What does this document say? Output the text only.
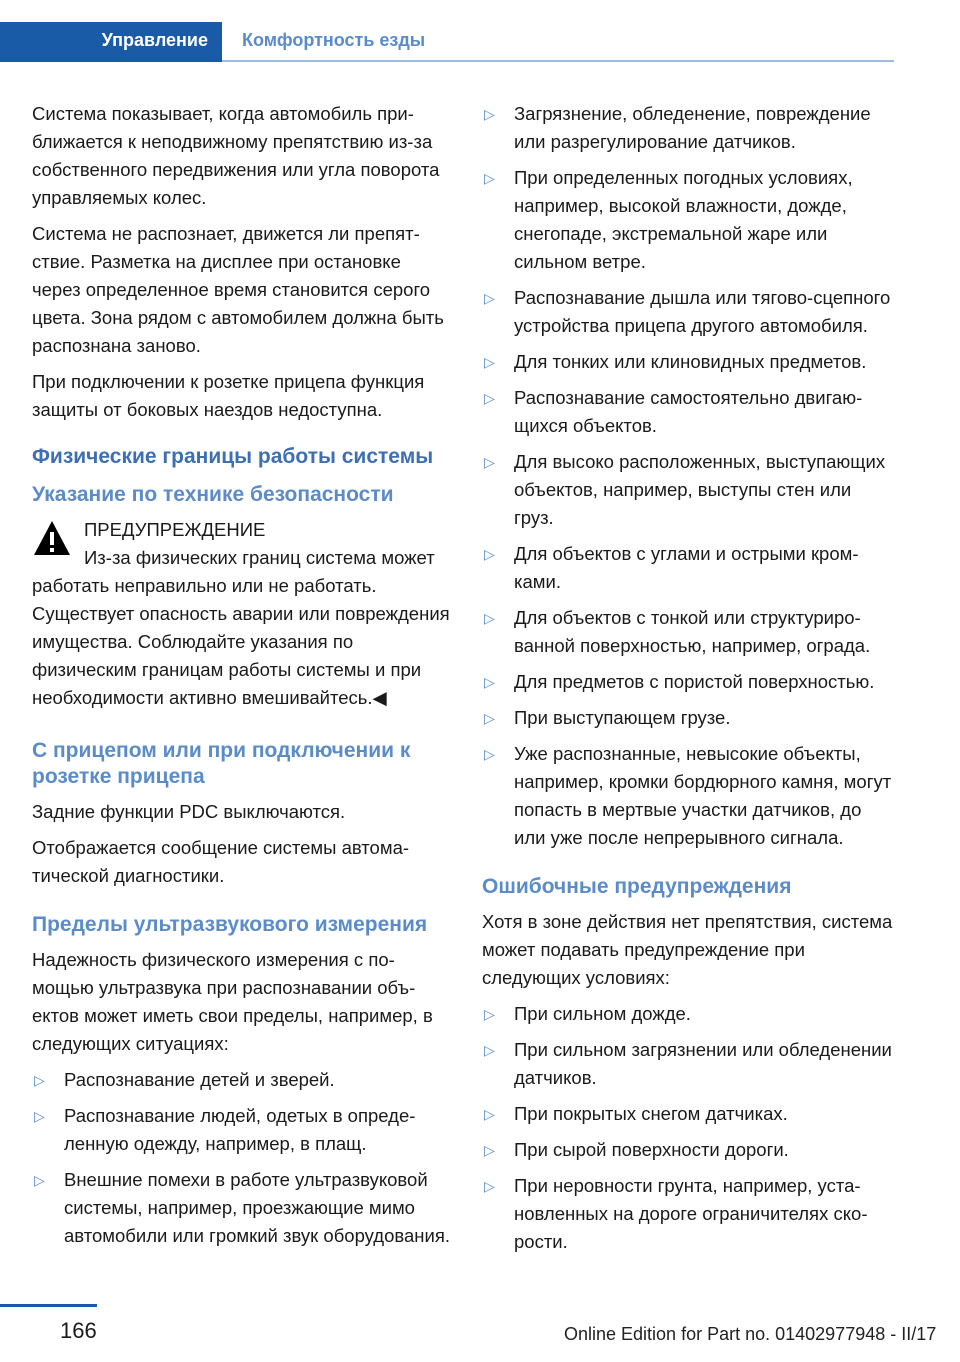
Управление Комфортность езды

Система показывает, когда автомобиль приближается к неподвижному препятствию из-за собственного передвижения или угла поворота управляемых колес.

Система не распознает, движется ли препятствие. Разметка на дисплее при остановке через определенное время становится серого цвета. Зона рядом с автомобилем должна быть распознана заново.

При подключении к розетке прицепа функция защиты от боковых наездов недоступна.

Физические границы работы системы
Указание по технике безопасности
ПРЕДУПРЕЖДЕНИЕ

Из-за физических границ система может работать неправильно или не работать. Существует опасность аварии или повреждения имущества. Соблюдайте указания по физическим границам работы системы и при необходимости активно вмешивайтесь.◀

С прицепом или при подключении к розетке прицепа

Задние функции PDC выключаются.

Отображается сообщение системы автоматической диагностики.

Пределы ультразвукового измерения

Надежность физического измерения с помощью ультразвука при распознавании объектов может иметь свои пределы, например, в следующих ситуациях:

▷ Распознавание детей и зверей.
▷ Распознавание людей, одетых в определенную одежду, например, в плащ.
▷ Внешние помехи в работе ультразвуковой системы, например, проезжающие мимо автомобили или громкий звук оборудования.
▷ Загрязнение, обледенение, повреждение или разрегулирование датчиков.
▷ При определенных погодных условиях, например, высокой влажности, дожде, снегопаде, экстремальной жаре или сильном ветре.
▷ Распознавание дышла или тягово-сцепного устройства прицепа другого автомобиля.
▷ Для тонких или клиновидных предметов.
▷ Распознавание самостоятельно двигающихся объектов.
▷ Для высоко расположенных, выступающих объектов, например, выступы стен или груз.
▷ Для объектов с углами и острыми кромками.
▷ Для объектов с тонкой или структурированной поверхностью, например, ограда.
▷ Для предметов с пористой поверхностью.
▷ При выступающем грузе.
▷ Уже распознанные, невысокие объекты, например, кромки бордюрного камня, могут попасть в мертвые участки датчиков, до или уже после непрерывного сигнала.
Ошибочные предупреждения

Хотя в зоне действия нет препятствия, система может подавать предупреждение при следующих условиях:

▷ При сильном дожде.
▷ При сильном загрязнении или обледенении датчиков.
▷ При покрытых снегом датчиках.
▷ При сырой поверхности дороги.
▷ При неровности грунта, например, установленных на дороге ограничителях скорости.
166	Online Edition for Part no. 01402977948 - II/17
